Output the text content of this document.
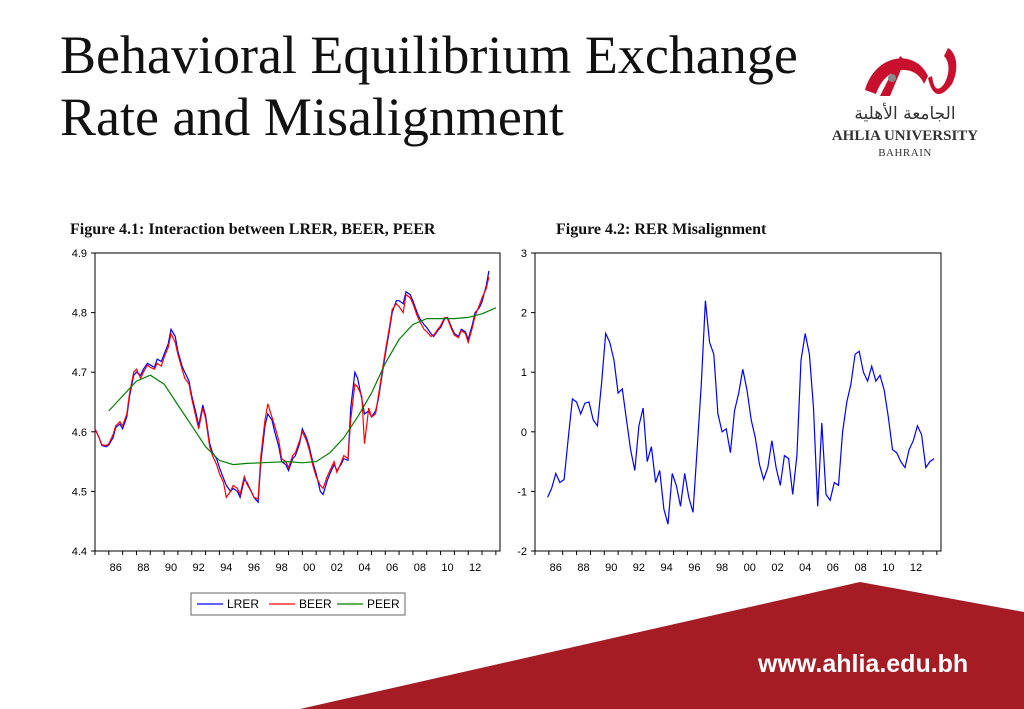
www.ahlia.edu.bh
Behavioral Equilibrium Exchange
Rate and Misalignment	الجامعة الأهلية
AHLIA UNIVERSITY
BAHRAIN
Figure 4.1: Interaction between LRER, BEER, PEER	Figure 4.2: RER Misalignment
4.4
4.5
4.6
4.7
4.8
4.9
86 88 90 92 94 96 98 00 02 04 06 08 10 12
LRER	BEER	PEER
-2
-1
0
1
2
3
86 88 90 92 94 96 98 00 02 04 06 08 10 12
